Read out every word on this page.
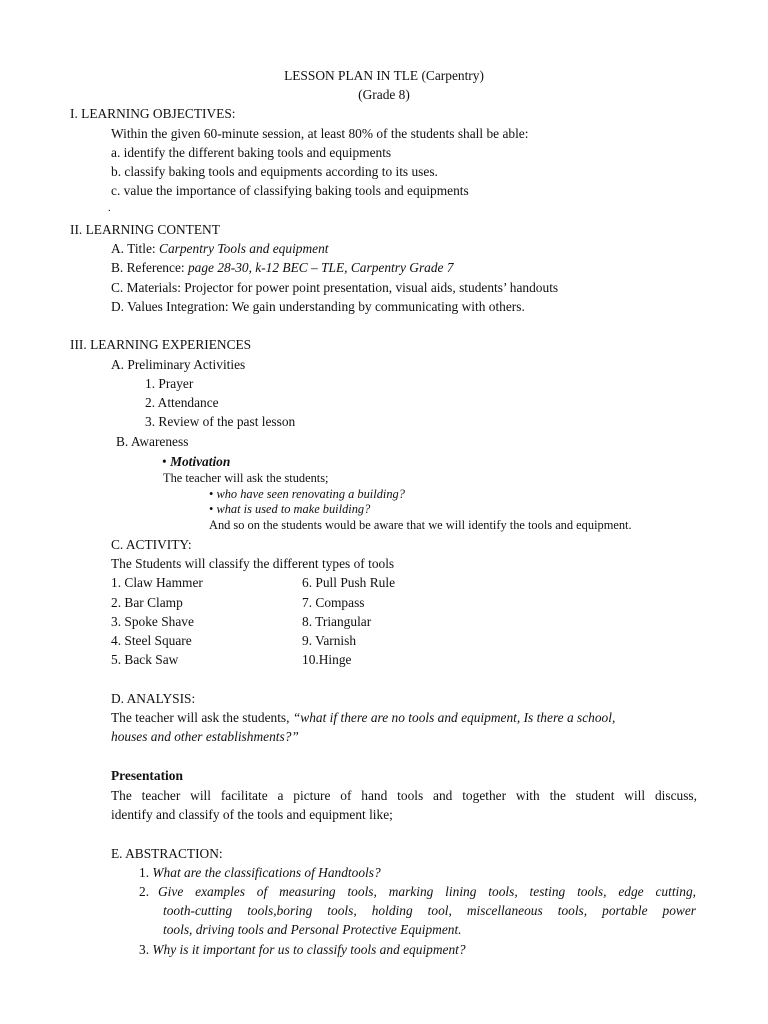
LESSON PLAN IN TLE (Carpentry)
(Grade 8)
I. LEARNING OBJECTIVES:
Within the given 60-minute session, at least 80% of the students shall be able:
a. identify the different baking tools and equipments
b. classify baking tools and equipments according to its uses.
c. value the importance of classifying baking tools and equipments
.
II. LEARNING CONTENT
A. Title: Carpentry Tools and equipment
B. Reference: page 28-30, k-12 BEC – TLE, Carpentry Grade 7
C. Materials: Projector for power point presentation, visual aids, students’ handouts
D. Values Integration: We gain understanding by communicating with others.
III. LEARNING EXPERIENCES
A. Preliminary Activities
1. Prayer
2. Attendance
3. Review of the past lesson
B. Awareness
• Motivation
The teacher will ask the students;
• who have seen renovating a building?
• what is used to make building?
And so on the students would be aware that we will identify the tools and equipment.
C. ACTIVITY:
The Students will classify the different types of tools
1. Claw Hammer
2. Bar Clamp
3. Spoke Shave
4. Steel Square
5. Back Saw
6. Pull Push Rule
7. Compass
8. Triangular
9. Varnish
10.Hinge
D. ANALYSIS:
The teacher will ask the students, “what if there are no tools and equipment, Is there a school,
houses and other establishments?”
Presentation
The teacher will facilitate a picture of hand tools and together with the student will discuss,
identify and classify of the tools and equipment like;
E. ABSTRACTION:
1. What are the classifications of Handtools?
2. Give examples of measuring tools, marking lining tools, testing tools, edge cutting,
tooth-cutting tools,boring tools, holding tool, miscellaneous tools, portable power
tools, driving tools and Personal Protective Equipment.
3. Why is it important for us to classify tools and equipment?
